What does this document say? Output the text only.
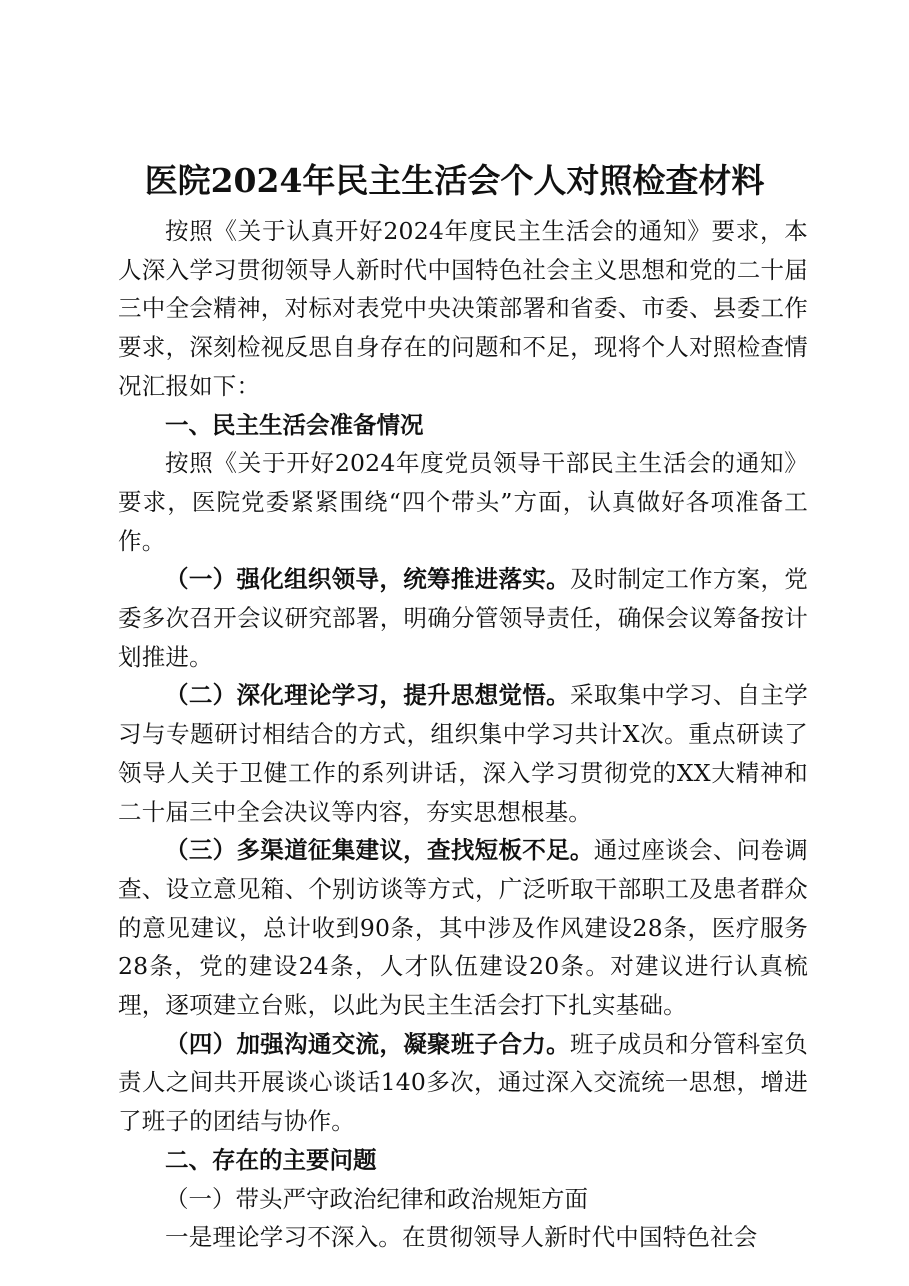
医院2024年民主生活会个人对照检查材料

按照《关于认真开好2024年度民主生活会的通知》要求，本人深入学习贯彻领导人新时代中国特色社会主义思想和党的二十届三中全会精神，对标对表党中央决策部署和省委、市委、县委工作要求，深刻检视反思自身存在的问题和不足，现将个人对照检查情况汇报如下：

一、民主生活会准备情况

按照《关于开好2024年度党员领导干部民主生活会的通知》要求，医院党委紧紧围绕“四个带头”方面，认真做好各项准备工作。

（一）强化组织领导，统筹推进落实。及时制定工作方案，党委多次召开会议研究部署，明确分管领导责任，确保会议筹备按计划推进。

（二）深化理论学习，提升思想觉悟。采取集中学习、自主学习与专题研讨相结合的方式，组织集中学习共计X次。重点研读了领导人关于卫健工作的系列讲话，深入学习贯彻党的XX大精神和二十届三中全会决议等内容，夯实思想根基。

（三）多渠道征集建议，查找短板不足。通过座谈会、问卷调查、设立意见箱、个别访谈等方式，广泛听取干部职工及患者群众的意见建议，总计收到90条，其中涉及作风建设28条，医疗服务28条，党的建设24条，人才队伍建设20条。对建议进行认真梳理，逐项建立台账，以此为民主生活会打下扎实基础。

（四）加强沟通交流，凝聚班子合力。班子成员和分管科室负责人之间共开展谈心谈话140多次，通过深入交流统一思想，增进了班子的团结与协作。

二、存在的主要问题

（一）带头严守政治纪律和政治规矩方面

一是理论学习不深入。在贯彻领导人新时代中国特色社会
